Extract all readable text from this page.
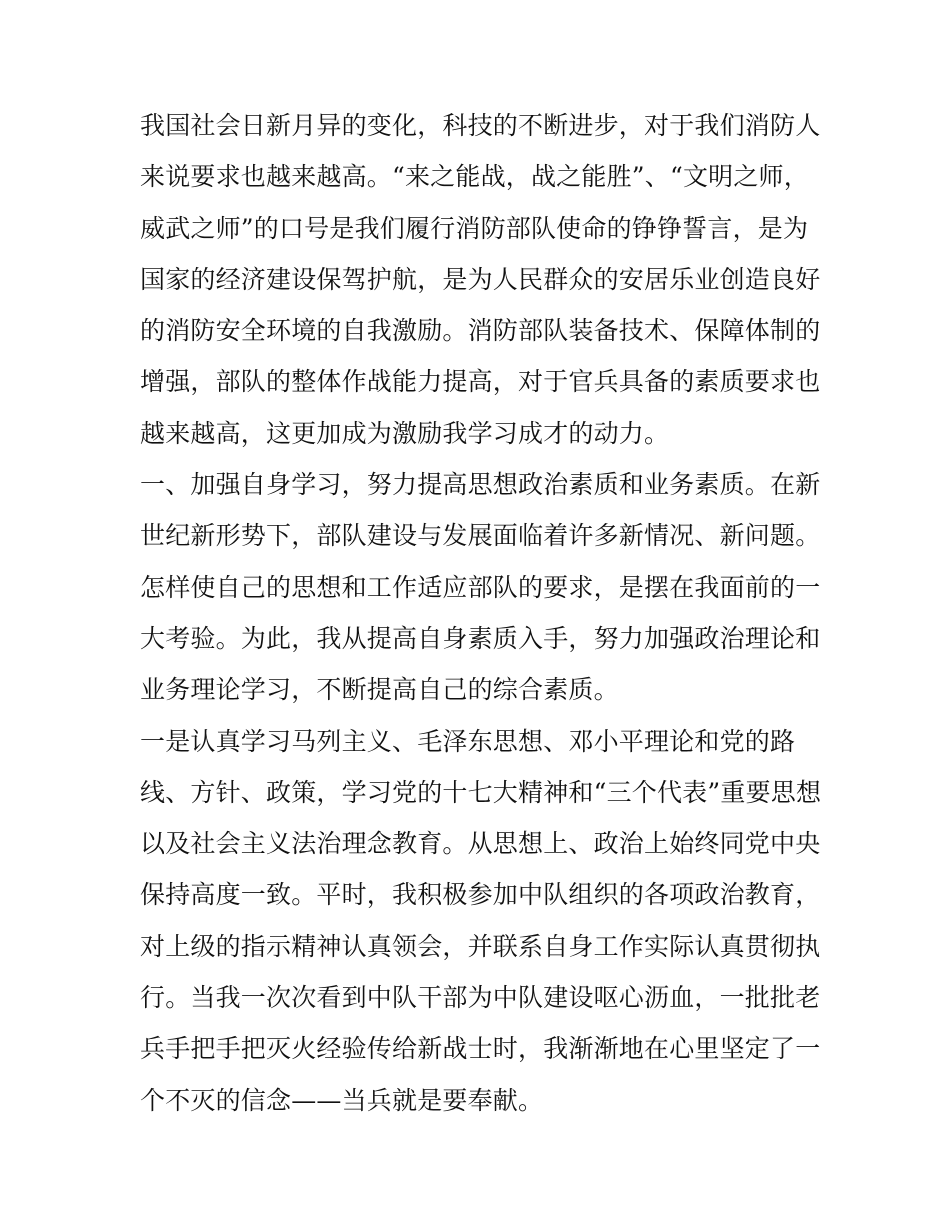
我国社会日新月异的变化，科技的不断进步，对于我们消防人
来说要求也越来越高。“来之能战，战之能胜”、“文明之师，
威武之师”的口号是我们履行消防部队使命的铮铮誓言，是为
国家的经济建设保驾护航，是为人民群众的安居乐业创造良好
的消防安全环境的自我激励。消防部队装备技术、保障体制的
增强，部队的整体作战能力提高，对于官兵具备的素质要求也
越来越高，这更加成为激励我学习成才的动力。
一、加强自身学习，努力提高思想政治素质和业务素质。在新
世纪新形势下，部队建设与发展面临着许多新情况、新问题。
怎样使自己的思想和工作适应部队的要求，是摆在我面前的一
大考验。为此，我从提高自身素质入手，努力加强政治理论和
业务理论学习，不断提高自己的综合素质。
一是认真学习马列主义、毛泽东思想、邓小平理论和党的路
线、方针、政策，学习党的十七大精神和“三个代表”重要思想
以及社会主义法治理念教育。从思想上、政治上始终同党中央
保持高度一致。平时，我积极参加中队组织的各项政治教育，
对上级的指示精神认真领会，并联系自身工作实际认真贯彻执
行。当我一次次看到中队干部为中队建设呕心沥血，一批批老
兵手把手把灭火经验传给新战士时，我渐渐地在心里坚定了一
个不灭的信念——当兵就是要奉献。
